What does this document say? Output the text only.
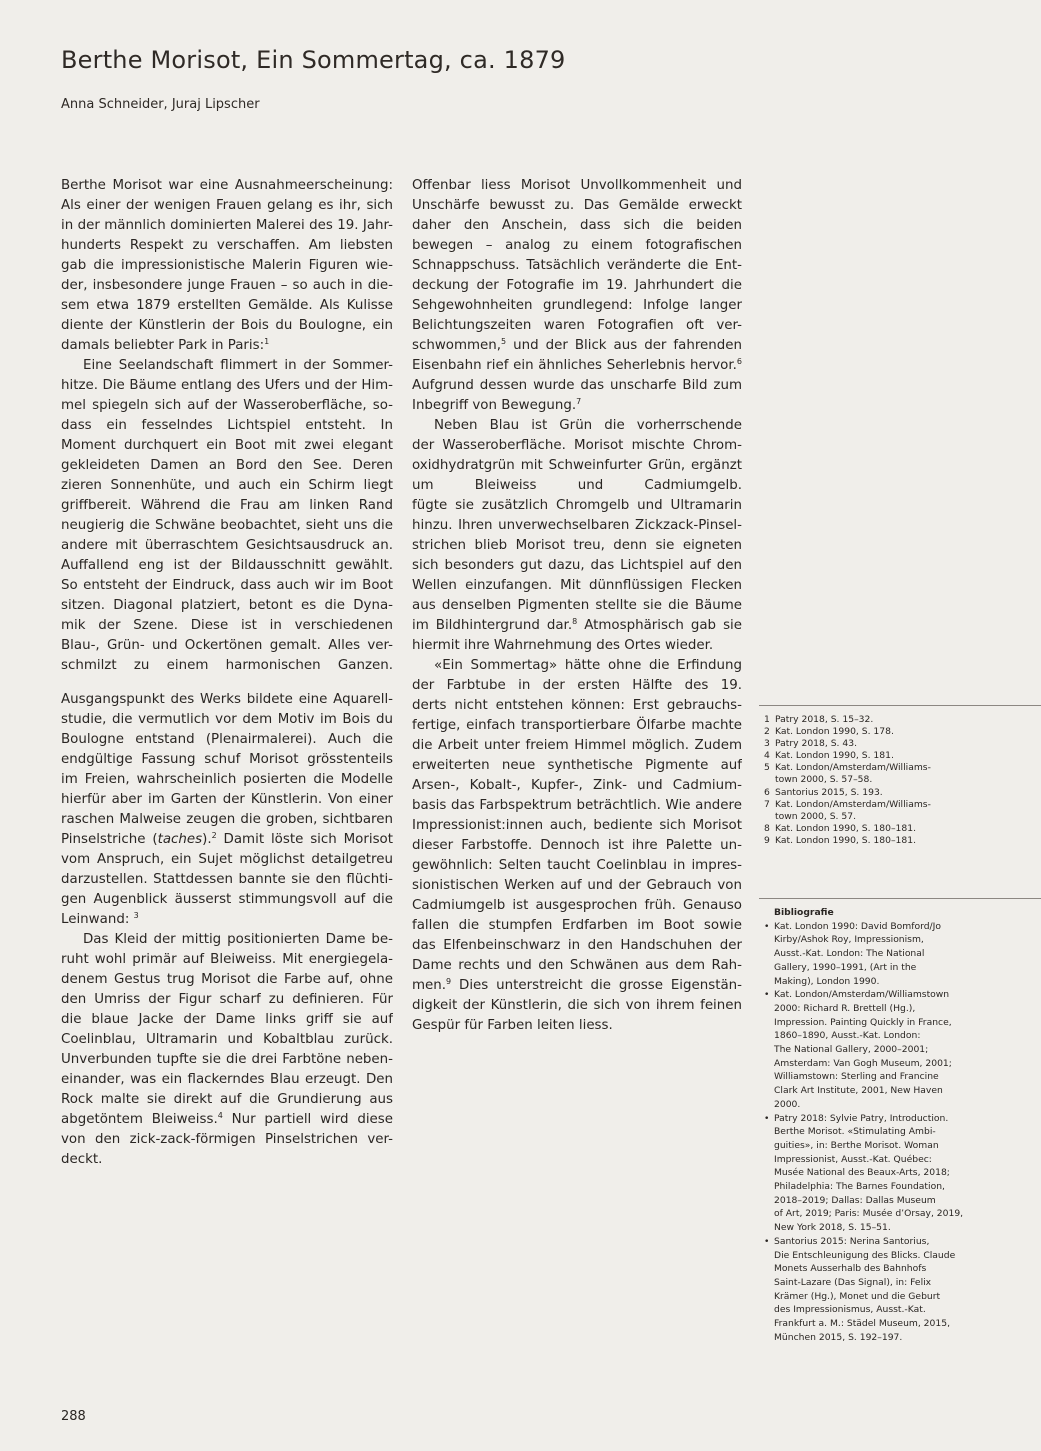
Berthe Morisot, Ein Sommertag, ca. 1879
Anna Schneider, Juraj Lipscher
Berthe Morisot war eine Ausnahmeerscheinung:
Als einer der wenigen Frauen gelang es ihr, sich
in der männlich dominierten Malerei des 19. Jahr-
hunderts Respekt zu verschaffen. Am liebsten
gab die impressionistische Malerin Figuren wie-
der, insbesondere junge Frauen – so auch in die-
sem etwa 1879 erstellten Gemälde. Als Kulisse
diente der Künstlerin der Bois du Boulogne, ein
damals beliebter Park in Paris:$^1$
Eine Seelandschaft flimmert in der Sommer-
hitze. Die Bäume entlang des Ufers und der Him-
mel spiegeln sich auf der Wasseroberfläche, so-
dass ein fesselndes Lichtspiel entsteht. In
Moment durchquert ein Boot mit zwei elegant
gekleideten Damen an Bord den See. Deren
zieren Sonnenhüte, und auch ein Schirm liegt
griffbereit. Während die Frau am linken Rand
neugierig die Schwäne beobachtet, sieht uns die
andere mit überraschtem Gesichtsausdruck an.
Auffallend eng ist der Bildausschnitt gewählt.
So entsteht der Eindruck, dass auch wir im Boot
sitzen. Diagonal platziert, betont es die Dyna-
mik der Szene. Diese ist in verschiedenen
Blau-, Grün- und Ockertönen gemalt. Alles ver-
schmilzt zu einem harmonischen Ganzen.
Ausgangspunkt des Werks bildete eine Aquarell-
studie, die vermutlich vor dem Motiv im Bois du
Boulogne entstand (Plenairmalerei). Auch die
endgültige Fassung schuf Morisot grösstenteils
im Freien, wahrscheinlich posierten die Modelle
hierfür aber im Garten der Künstlerin. Von einer
raschen Malweise zeugen die groben, sichtbaren
Pinselstriche (taches).$^2$ Damit löste sich Morisot
vom Anspruch, ein Sujet möglichst detailgetreu
darzustellen. Stattdessen bannte sie den flüchti-
gen Augenblick äusserst stimmungsvoll auf die
Leinwand: $^3$
Das Kleid der mittig positionierten Dame be-
ruht wohl primär auf Bleiweiss. Mit energiegela-
denem Gestus trug Morisot die Farbe auf, ohne
den Umriss der Figur scharf zu definieren. Für
die blaue Jacke der Dame links griff sie auf
Coelinblau, Ultramarin und Kobaltblau zurück.
Unverbunden tupfte sie die drei Farbtöne neben-
einander, was ein flackerndes Blau erzeugt. Den
Rock malte sie direkt auf die Grundierung aus
abgetöntem Bleiweiss.$^4$ Nur partiell wird diese
von den zick-zack-förmigen Pinselstrichen ver-
deckt.
Offenbar liess Morisot Unvollkommenheit und
Unschärfe bewusst zu. Das Gemälde erweckt
daher den Anschein, dass sich die beiden
bewegen – analog zu einem fotografischen
Schnappschuss. Tatsächlich veränderte die Ent-
deckung der Fotografie im 19. Jahrhundert die
Sehgewohnheiten grundlegend: Infolge langer
Belichtungszeiten waren Fotografien oft ver-
schwommen,$^5$ und der Blick aus der fahrenden
Eisenbahn rief ein ähnliches Seherlebnis hervor.$^6$
Aufgrund dessen wurde das unscharfe Bild zum
Inbegriff von Bewegung.$^7$
Neben Blau ist Grün die vorherrschende
der Wasseroberfläche. Morisot mischte Chrom-
oxidhydratgrün mit Schweinfurter Grün, ergänzt
um Bleiweiss und Cadmiumgelb.
fügte sie zusätzlich Chromgelb und Ultramarin
hinzu. Ihren unverwechselbaren Zickzack-Pinsel-
strichen blieb Morisot treu, denn sie eigneten
sich besonders gut dazu, das Lichtspiel auf den
Wellen einzufangen. Mit dünnflüssigen Flecken
aus denselben Pigmenten stellte sie die Bäume
im Bildhintergrund dar.$^8$ Atmosphärisch gab sie
hiermit ihre Wahrnehmung des Ortes wieder.
«Ein Sommertag» hätte ohne die Erfindung
der Farbtube in der ersten Hälfte des 19.
derts nicht entstehen können: Erst gebrauchs-
fertige, einfach transportierbare Ölfarbe machte
die Arbeit unter freiem Himmel möglich. Zudem
erweiterten neue synthetische Pigmente auf
Arsen-, Kobalt-, Kupfer-, Zink- und Cadmium-
basis das Farbspektrum beträchtlich. Wie andere
Impressionist:innen auch, bediente sich Morisot
dieser Farbstoffe. Dennoch ist ihre Palette un-
gewöhnlich: Selten taucht Coelinblau in impres-
sionistischen Werken auf und der Gebrauch von
Cadmiumgelb ist ausgesprochen früh. Genauso
fallen die stumpfen Erdfarben im Boot sowie
das Elfenbeinschwarz in den Handschuhen der
Dame rechts und den Schwänen aus dem Rah-
men.$^9$ Dies unterstreicht die grosse Eigenstän-
digkeit der Künstlerin, die sich von ihrem feinen
Gespür für Farben leiten liess.
1 Patry 2018, S. 15–32.
2 Kat. London 1990, S. 178.
3 Patry 2018, S. 43.
4 Kat. London 1990, S. 181.
5 Kat. London/Amsterdam/Williams-
town 2000, S. 57–58.
6 Santorius 2015, S. 193.
7 Kat. London/Amsterdam/Williams-
town 2000, S. 57.
8 Kat. London 1990, S. 180–181.
9 Kat. London 1990, S. 180–181.
Bibliografie
• Kat. London 1990: David Bomford/Jo
Kirby/Ashok Roy, Impressionism,
Ausst.-Kat. London: The National
Gallery, 1990–1991, (Art in the
Making), London 1990.
• Kat. London/Amsterdam/Williamstown
2000: Richard R. Brettell (Hg.),
Impression. Painting Quickly in France,
1860–1890, Ausst.-Kat. London:
The National Gallery, 2000–2001;
Amsterdam: Van Gogh Museum, 2001;
Williamstown: Sterling and Francine
Clark Art Institute, 2001, New Haven
2000.
• Patry 2018: Sylvie Patry, Introduction.
Berthe Morisot. «Stimulating Ambi-
guities», in: Berthe Morisot. Woman
Impressionist, Ausst.-Kat. Québec:
Musée National des Beaux-Arts, 2018;
Philadelphia: The Barnes Foundation,
2018–2019; Dallas: Dallas Museum
of Art, 2019; Paris: Musée d’Orsay, 2019,
New York 2018, S. 15–51.
• Santorius 2015: Nerina Santorius,
Die Entschleunigung des Blicks. Claude
Monets Ausserhalb des Bahnhofs
Saint-Lazare (Das Signal), in: Felix
Krämer (Hg.), Monet und die Geburt
des Impressionismus, Ausst.-Kat.
Frankfurt a. M.: Städel Museum, 2015,
München 2015, S. 192–197.
288
